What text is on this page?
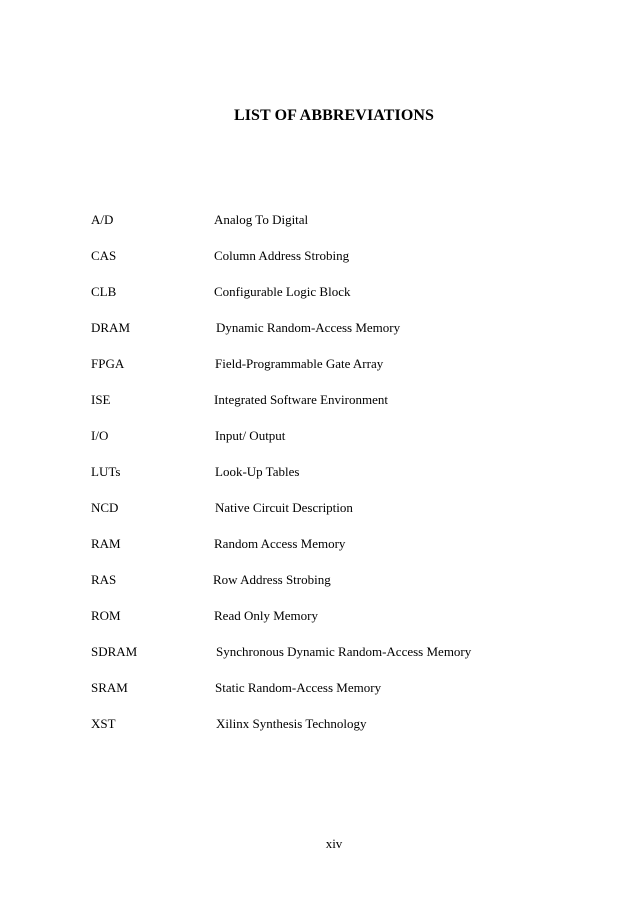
LIST OF ABBREVIATIONS
A/D	Analog To Digital
CAS	Column Address Strobing
CLB	Configurable Logic Block
DRAM	Dynamic Random-Access Memory
FPGA	Field-Programmable Gate Array
ISE	Integrated Software Environment
I/O	Input/ Output
LUTs	Look-Up Tables
NCD	Native Circuit Description
RAM	Random Access Memory
RAS	Row Address Strobing
ROM	Read Only Memory
SDRAM	Synchronous Dynamic Random-Access Memory
SRAM	Static Random-Access Memory
XST	Xilinx Synthesis Technology
xiv
